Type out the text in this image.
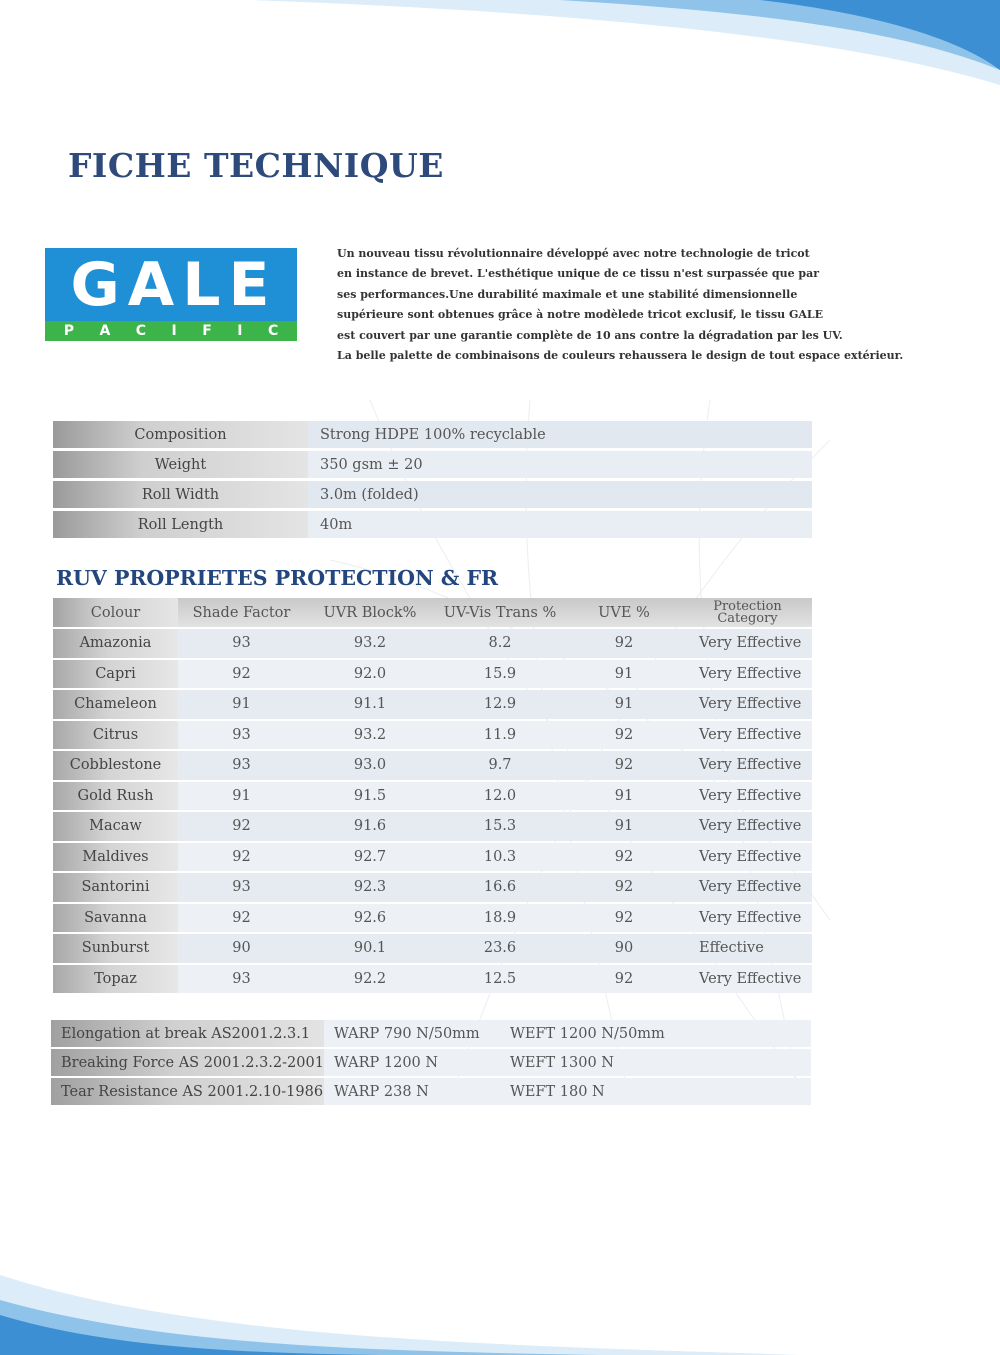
FICHE TECHNIQUE
G A L E
P A C I F I C
Un nouveau tissu révolutionnaire développé avec notre technologie de tricot
en instance de brevet. L'esthétique unique de ce tissu n'est surpassée que par
ses performances.Une durabilité maximale et une stabilité dimensionnelle
supérieure sont obtenues grâce à notre modèlede tricot exclusif, le tissu GALE
est couvert par une garantie complète de 10 ans contre la dégradation par les UV.
La belle palette de combinaisons de couleurs rehaussera le design de tout espace extérieur.
Composition	Strong HDPE 100% recyclable
Weight	350 gsm ± 20
Roll Width	3.0m (folded)
Roll Length	40m
RUV PROPRIETES PROTECTION & FR
Colour	Shade Factor	UVR Block%	UV-Vis Trans %	UVE %	Protection
Category

Amazonia	93	93.2	8.2	92	Very Effective
Capri	92	92.0	15.9	91	Very Effective
Chameleon	91	91.1	12.9	91	Very Effective
Citrus	93	93.2	11.9	92	Very Effective
Cobblestone	93	93.0	9.7	92	Very Effective
Gold Rush	91	91.5	12.0	91	Very Effective
Macaw	92	91.6	15.3	91	Very Effective
Maldives	92	92.7	10.3	92	Very Effective
Santorini	93	92.3	16.6	92	Very Effective
Savanna	92	92.6	18.9	92	Very Effective
Sunburst	90	90.1	23.6	90	Effective
Topaz	93	92.2	12.5	92	Very Effective
Elongation at break AS2001.2.3.1	WARP 790 N/50mm	WEFT 1200 N/50mm
Breaking Force AS 2001.2.3.2-2001	WARP 1200 N	WEFT 1300 N
Tear Resistance AS 2001.2.10-1986	WARP 238 N	WEFT 180 N
